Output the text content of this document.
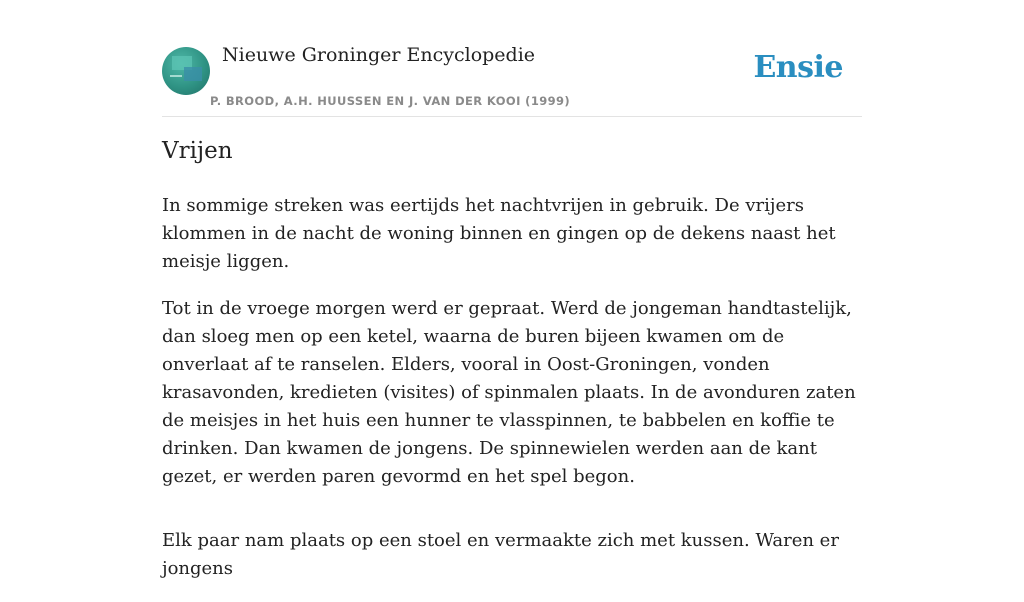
Nieuwe Groninger Encyclopedie
P. BROOD, A.H. HUUSSEN EN J. VAN DER KOOI (1999)
Ensie
Vrijen

In sommige streken was eertijds het nachtvrijen in gebruik. De vrijers klommen in de nacht de woning binnen en gingen op de dekens naast het meisje liggen.

Tot in de vroege morgen werd er gepraat. Werd de jongeman handtastelijk, dan sloeg men op een ketel, waarna de buren bijeen kwamen om de onverlaat af te ranselen. Elders, vooral in Oost-Groningen, vonden krasavonden, kredieten (visites) of spinmalen plaats. In de avonduren zaten de meisjes in het huis een hunner te vlasspinnen, te babbelen en koffie te drinken. Dan kwamen de jongens. De spinnewielen werden aan de kant gezet, er werden paren gevormd en het spel begon.

Elk paar nam plaats op een stoel en vermaakte zich met kussen. Waren er jongens
